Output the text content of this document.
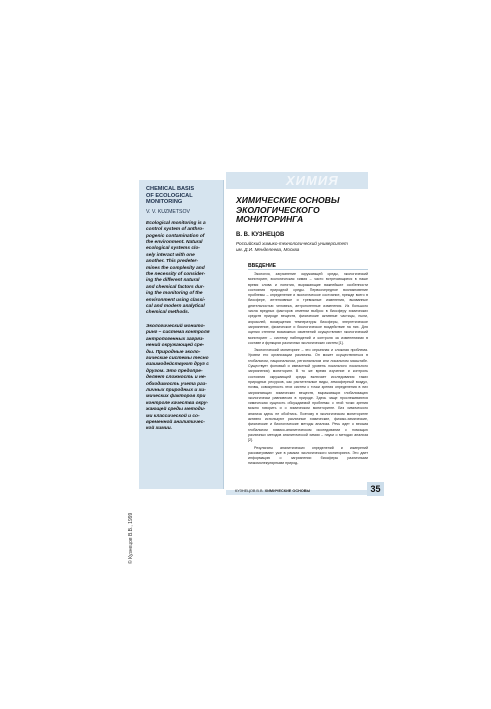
CHEMICAL BASIS
OF ECOLOGICAL
MONITORING
V. V. KUZMETSOV
Ecological monitoring is a
control system of anthro-
pogenic contamination of
the environment. Natural
ecological systems clo-
sely interact with one
another. This predeter-
mines the complexity and
the necessity of consider-
ing the different natural
and chemical factors dur-
ing the monitoring of the
environment using classi-
cal and modern analytical
chemical methods.
Экологический монито-
ринг – система контроля
антропогенных загряз-
нений окружающей сре-
ды. Природные эколо-
гические системы тесно
взаимодействуют друг с
другом. Это предопре-
деляет сложность и не-
обходимость учета раз-
личных природных и хи-
мических факторов при
контроле качества окру-
жающей среды методи-
ми классической и со-
временной аналитичес-
кой химии.
© Кузнецов В.В., 1999
ХИМИЯ
ХИМИЧЕСКИЕ ОСНОВЫ
ЭКОЛОГИЧЕСКОГО
МОНИТОРИНГА
В. В. КУЗНЕЦОВ
Российский химико-технологический университет
им. Д.И. Менделеева, Москва
ВВЕДЕНИЕ

Экология, загрязнение окружающей среды, экологический мониторинг, экологическая химия – часто встречающиеся в наше время слова и понятия, выражающие важнейшие особенности состояния природной среды. Первоочередное возникновение проблемы – определение и экологическое состояние, прежде всего в биосфере, интенсивные и тревожные изменения, вызванные деятельностью человека, антропогенные изменения. Из большого числа вредных факторов отметим выброс в биосферу химических средств природе веществ, физические активные частицы, пыли, аэрозолей, возмущения температуры биосферы, энергетическое загрязнение, физическое и биологическое воздействие на них. Для оценки степени возможных изменений осуществляют экологический мониторинг – систему наблюдений и контроля за изменениями в составе и функциях различных экологических систем [1].

Экологический мониторинг – это серьезная и сложная проблема. Уровни его организации различны. Он может осуществляться в глобальном, национальном, региональном или локальном масштабе. Существует фоновый и импактный уровень локального локального загрязнения) мониторинг. В то же время изучение и контроль состояния окружающей среды включает исследования таких природных ресурсов, как растительные виды, атмосферный воздух, почвы, совокупность этих систем с точки зрения определения в них загрязняющих химических веществ, выражающих глобализацию экологически равновесия в природе. Здесь чаще прослеживаются химическая сущность обсуждаемой проблемы: с этой точки зрения можно говорить и о химическом мониторинге. Без химического анализа здесь не обойтись. Поэтому в экологическом мониторинге активно используют различные химические, физико-химические, физические и биологические методы анализа. Речь идет о весьма глобальном химико-аналитическом исследовании с помощью различных методов аналитической химии – науки о методах анализа [2].

Результаты аналитических определений и измерений рассматривают уже в рамках экологического мониторинга. Это дает информацию о загрязнении биосферы различными низкомолекулярными природ-

КУЗНЕЦОВ В.В. ХИМИЧЕСКИЕ ОСНОВЫ	35
